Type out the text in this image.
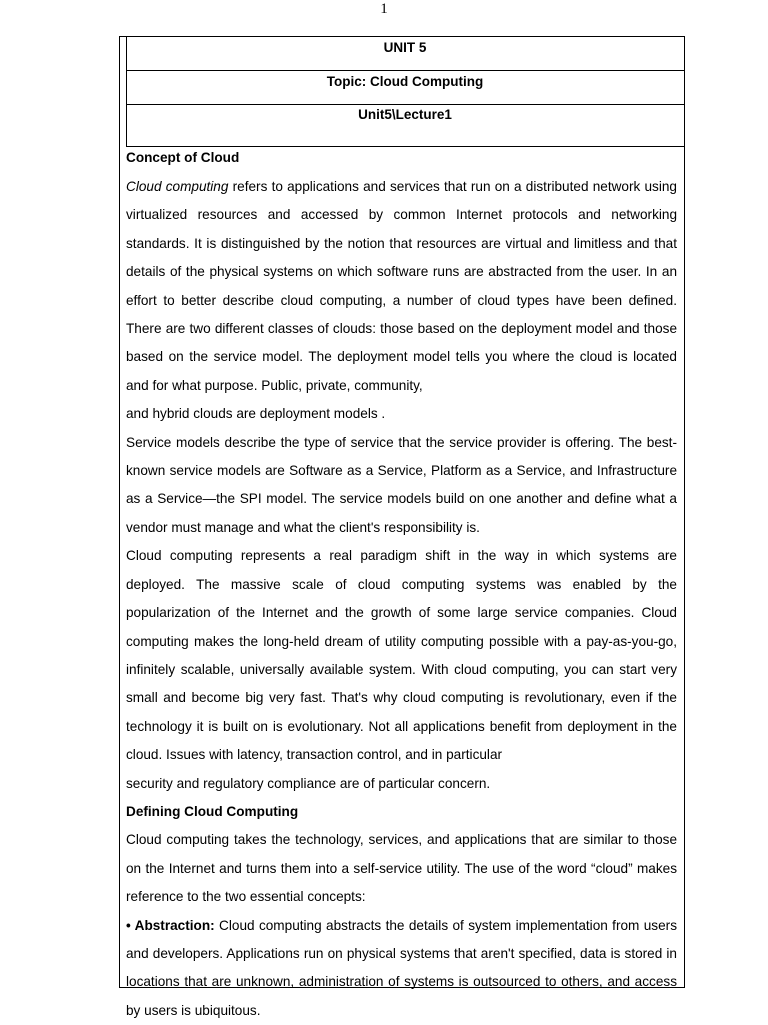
1
UNIT 5
Topic: Cloud Computing
Unit5\Lecture1

Concept of Cloud

Cloud computing refers to applications and services that run on a distributed network using virtualized resources and accessed by common Internet protocols and networking standards. It is distinguished by the notion that resources are virtual and limitless and that details of the physical systems on which software runs are abstracted from the user. In an effort to better describe cloud computing, a number of cloud types have been defined. There are two different classes of clouds: those based on the deployment model and those based on the service model. The deployment model tells you where the cloud is located and for what purpose. Public, private, community,

and hybrid clouds are deployment models .

Service models describe the type of service that the service provider is offering. The best-known service models are Software as a Service, Platform as a Service, and Infrastructure as a Service—the SPI model. The service models build on one another and define what a vendor must manage and what the client's responsibility is.

Cloud computing represents a real paradigm shift in the way in which systems are deployed. The massive scale of cloud computing systems was enabled by the popularization of the Internet and the growth of some large service companies. Cloud computing makes the long-held dream of utility computing possible with a pay-as-you-go, infinitely scalable, universally available system. With cloud computing, you can start very small and become big very fast. That's why cloud computing is revolutionary, even if the technology it is built on is evolutionary. Not all applications benefit from deployment in the cloud. Issues with latency, transaction control, and in particular

security and regulatory compliance are of particular concern.

Defining Cloud Computing

Cloud computing takes the technology, services, and applications that are similar to those on the Internet and turns them into a self-service utility. The use of the word “cloud” makes reference to the two essential concepts:

• Abstraction: Cloud computing abstracts the details of system implementation from users and developers. Applications run on physical systems that aren't specified, data is stored in locations that are unknown, administration of systems is outsourced to others, and access by users is ubiquitous.
